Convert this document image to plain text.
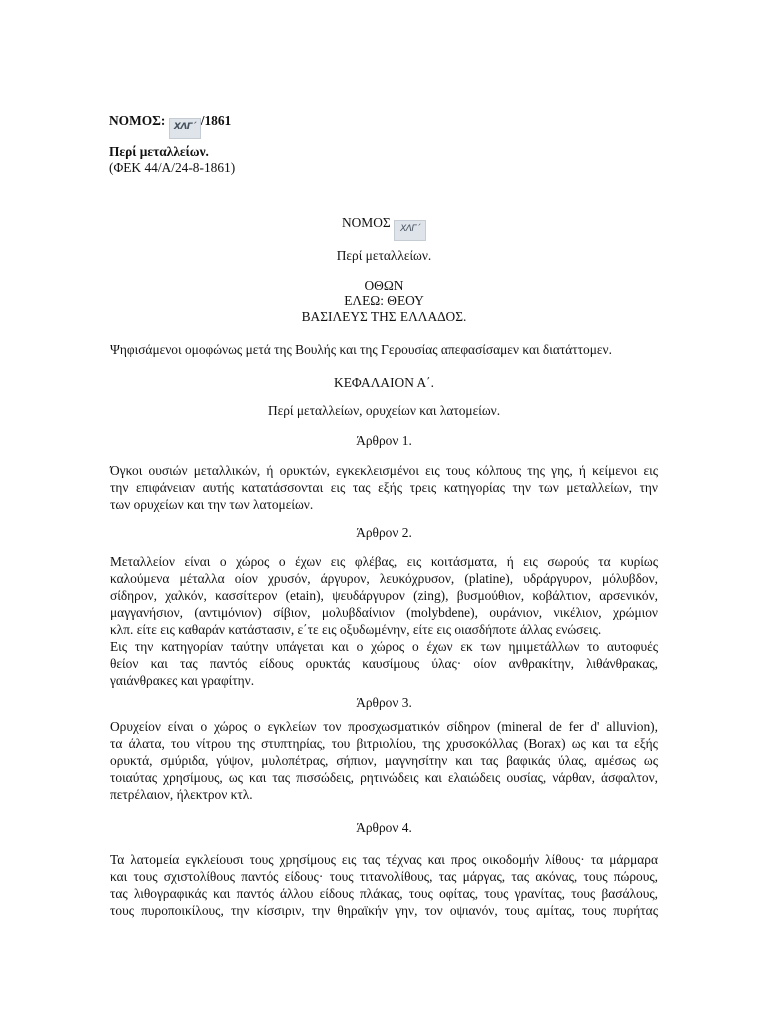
ΝΟΜΟΣ: ΧΛΓ΄ /1861
Περί μεταλλείων.
(ΦΕΚ 44/Α/24-8-1861)
ΝΟΜΟΣ ΧΛΓ΄
Περί μεταλλείων.
ΟΘΩΝ
ΕΛΕΩ: ΘΕΟΥ
ΒΑΣΙΛΕΥΣ ΤΗΣ ΕΛΛΑΔΟΣ.
Ψηφισάμενοι ομοφώνως μετά της Βουλής και της Γερουσίας απεφασίσαμεν και διατάττομεν.
ΚΕΦΑΛΑΙΟΝ Α΄.
Περί μεταλλείων, ορυχείων και λατομείων.
Άρθρον 1.
Όγκοι ουσιών μεταλλικών, ή ορυκτών, εγκεκλεισμένοι εις τους κόλπους της γης, ή κείμενοι εις
την επιφάνειαν αυτής κατατάσσονται εις τας εξής τρεις κατηγορίας την των μεταλλείων, την
των ορυχείων και την των λατομείων.
Άρθρον 2.
Μεταλλείον είναι ο χώρος ο έχων εις φλέβας, εις κοιτάσματα, ή εις σωρούς τα κυρίως
καλούμενα μέταλλα οίον χρυσόν, άργυρον, λευκόχρυσον, (platine), υδράργυρον, μόλυβδον,
σίδηρον, χαλκόν, κασσίτερον (etain), ψευδάργυρον (zing), βυσμούθιον, κοβάλτιον, αρσενικόν,
μαγγανήσιον, (αντιμόνιον) σίβιον, μολυβδαίνιον (molybdene), ουράνιον, νικέλιον, χρώμιον
κλπ. είτε εις καθαράν κατάστασιν, ε΄τε εις οξυδωμένην, είτε εις οιασδήποτε άλλας ενώσεις.
Εις την κατηγορίαν ταύτην υπάγεται και ο χώρος ο έχων εκ των ημιμετάλλων το αυτοφυές
θείον και τας παντός είδους ορυκτάς καυσίμους ύλας· οίον ανθρακίτην, λιθάνθρακας,
γαιάνθρακες και γραφίτην.
Άρθρον 3.
Ορυχείον είναι ο χώρος ο εγκλείων τον προσχωσματικόν σίδηρον (mineral de fer d' alluvion),
τα άλατα, του νίτρου της στυπτηρίας, του βιτριολίου, της χρυσοκόλλας (Borax) ως και τα εξής
ορυκτά, σμύριδα, γύψον, μυλοπέτρας, σήπιον, μαγνησίτην και τας βαφικάς ύλας, αμέσως ως
τοιαύτας χρησίμους, ως και τας πισσώδεις, ρητινώδεις και ελαιώδεις ουσίας, νάρθαν, άσφαλτον,
πετρέλαιον, ήλεκτρον κτλ.
Άρθρον 4.
Τα λατομεία εγκλείουσι τους χρησίμους εις τας τέχνας και προς οικοδομήν λίθους· τα μάρμαρα
και τους σχιστολίθους παντός είδους· τους τιτανολίθους, τας μάργας, τας ακόνας, τους πώρους,
τας λιθογραφικάς και παντός άλλου είδους πλάκας, τους οφίτας, τους γρανίτας, τους βασάλους,
τους πυροποικίλους, την κίσσιριν, την θηραϊκήν γην, τον οψιανόν, τους αμίτας, τους πυρήτας
